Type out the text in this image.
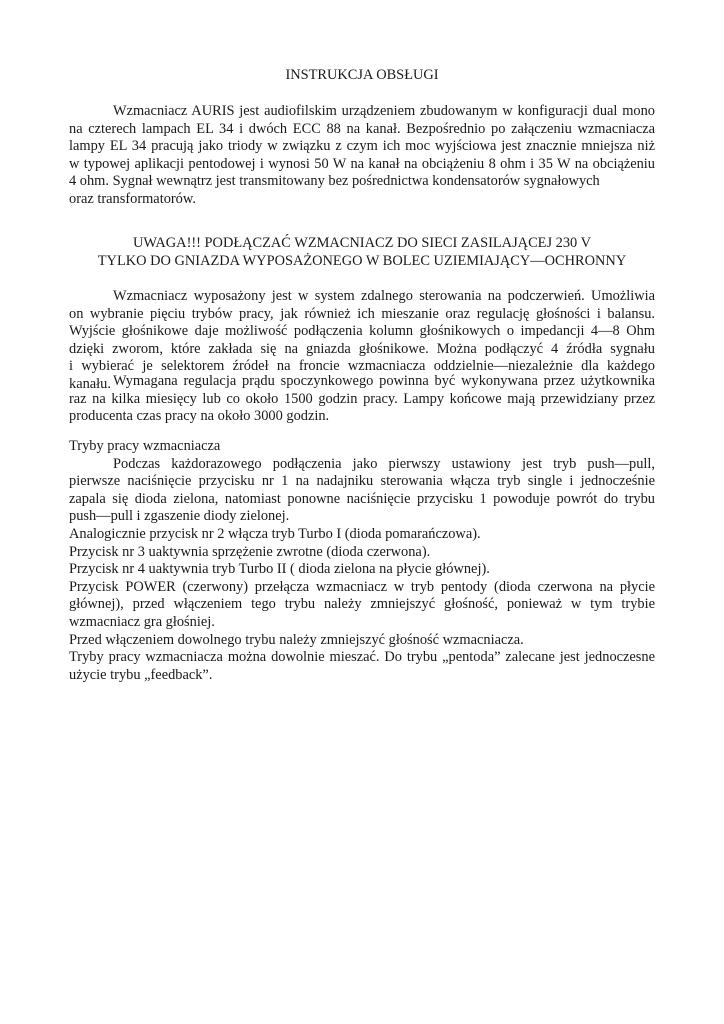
INSTRUKCJA OBSŁUGI
Wzmacniacz AURIS jest audiofilskim urządzeniem zbudowanym w konfiguracji dual mono
na czterech lampach EL 34 i dwóch ECC 88 na kanał. Bezpośrednio po załączeniu wzmacniacza
lampy EL 34 pracują jako triody w związku z czym ich moc wyjściowa jest znacznie mniejsza niż
w typowej aplikacji pentodowej i wynosi 50 W na kanał na obciążeniu 8 ohm i 35 W na obciążeniu
4 ohm. Sygnał wewnątrz jest transmitowany bez pośrednictwa kondensatorów sygnałowych
oraz transformatorów.
UWAGA!!! PODŁĄCZAĆ WZMACNIACZ DO SIECI ZASILAJĄCEJ 230 V
TYLKO DO GNIAZDA WYPOSAŻONEGO W BOLEC UZIEMIAJĄCY—OCHRONNY
Wzmacniacz wyposażony jest w system zdalnego sterowania na podczerwień. Umożliwia
on wybranie pięciu trybów pracy, jak również ich mieszanie oraz regulację głośności i balansu.
Wyjście głośnikowe daje możliwość podłączenia kolumn głośnikowych o impedancji 4—8 Ohm
dzięki zworom, które zakłada się na gniazda głośnikowe. Można podłączyć 4 źródła sygnału
i wybierać je selektorem źródeł na froncie wzmacniacza oddzielnie—niezależnie dla każdego
kanału. Wymagana regulacja prądu spoczynkowego powinna być wykonywana przez użytkownika
raz na kilka miesięcy lub co około 1500 godzin pracy. Lampy końcowe mają przewidziany przez
producenta czas pracy na około 3000 godzin.
Tryby pracy wzmacniacza
Podczas każdorazowego podłączenia jako pierwszy ustawiony jest tryb push—pull,
pierwsze naciśnięcie przycisku nr 1 na nadajniku sterowania włącza tryb single i jednocześnie
zapala się dioda zielona, natomiast ponowne naciśnięcie przycisku 1 powoduje powrót do trybu
push—pull i zgaszenie diody zielonej.
Analogicznie przycisk nr 2 włącza tryb Turbo I (dioda pomarańczowa).
Przycisk nr 3 uaktywnia sprzężenie zwrotne (dioda czerwona).
Przycisk nr 4 uaktywnia tryb Turbo II ( dioda zielona na płycie głównej).
Przycisk POWER (czerwony) przełącza wzmacniacz w tryb pentody (dioda czerwona na płycie
głównej), przed włączeniem tego trybu należy zmniejszyć głośność, ponieważ w tym trybie
wzmacniacz gra głośniej.
Przed włączeniem dowolnego trybu należy zmniejszyć głośność wzmacniacza.
Tryby pracy wzmacniacza można dowolnie mieszać. Do trybu „pentoda” zalecane jest jednoczesne
użycie trybu „feedback”.
